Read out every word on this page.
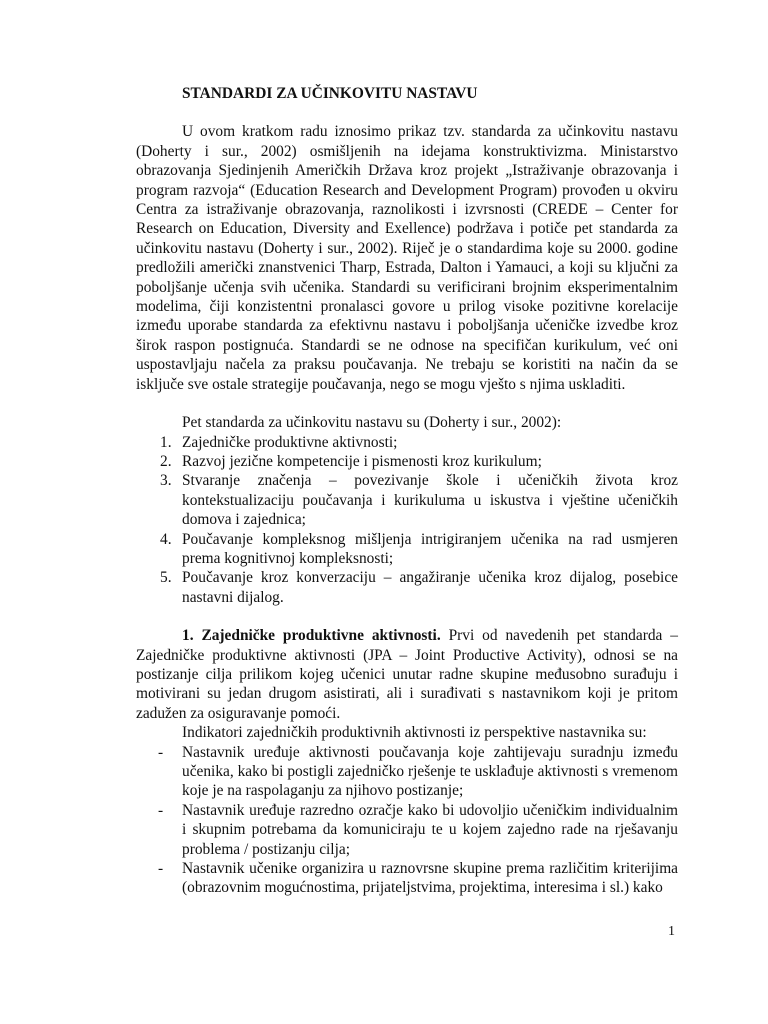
STANDARDI ZA UČINKOVITU NASTAVU

U ovom kratkom radu iznosimo prikaz tzv. standarda za učinkovitu nastavu (Doherty i sur., 2002) osmišljenih na idejama konstruktivizma. Ministarstvo obrazovanja Sjedinjenih Američkih Država kroz projekt „Istraživanje obrazovanja i program razvoja“ (Education Research and Development Program) provođen u okviru Centra za istraživanje obrazovanja, raznolikosti i izvrsnosti (CREDE – Center for Research on Education, Diversity and Exellence) podržava i potiče pet standarda za učinkovitu nastavu (Doherty i sur., 2002). Riječ je o standardima koje su 2000. godine predložili američki znanstvenici Tharp, Estrada, Dalton i Yamauci, a koji su ključni za poboljšanje učenja svih učenika. Standardi su verificirani brojnim eksperimentalnim modelima, čiji konzistentni pronalasci govore u prilog visoke pozitivne korelacije između uporabe standarda za efektivnu nastavu i poboljšanja učeničke izvedbe kroz širok raspon postignuća. Standardi se ne odnose na specifičan kurikulum, već oni uspostavljaju načela za praksu poučavanja. Ne trebaju se koristiti na način da se isključe sve ostale strategije poučavanja, nego se mogu vješto s njima uskladiti.

Pet standarda za učinkovitu nastavu su (Doherty i sur., 2002):

1. Zajedničke produktivne aktivnosti;
2. Razvoj jezične kompetencije i pismenosti kroz kurikulum;
3. Stvaranje značenja – povezivanje škole i učeničkih života kroz kontekstualizaciju poučavanja i kurikuluma u iskustva i vještine učeničkih domova i zajednica;
4. Poučavanje kompleksnog mišljenja intrigiranjem učenika na rad usmjeren prema kognitivnoj kompleksnosti;
5. Poučavanje kroz konverzaciju – angažiranje učenika kroz dijalog, posebice nastavni dijalog.

1. Zajedničke produktivne aktivnosti. Prvi od navedenih pet standarda – Zajedničke produktivne aktivnosti (JPA – Joint Productive Activity), odnosi se na postizanje cilja prilikom kojeg učenici unutar radne skupine međusobno surađuju i motivirani su jedan drugom asistirati, ali i surađivati s nastavnikom koji je pritom zadužen za osiguravanje pomoći.

Indikatori zajedničkih produktivnih aktivnosti iz perspektive nastavnika su:

- Nastavnik uređuje aktivnosti poučavanja koje zahtijevaju suradnju između učenika, kako bi postigli zajedničko rješenje te usklađuje aktivnosti s vremenom koje je na raspolaganju za njihovo postizanje;
- Nastavnik uređuje razredno ozračje kako bi udovoljio učeničkim individualnim i skupnim potrebama da komuniciraju te u kojem zajedno rade na rješavanju problema / postizanju cilja;
- Nastavnik učenike organizira u raznovrsne skupine prema različitim kriterijima (obrazovnim mogućnostima, prijateljstvima, projektima, interesima i sl.) kako
1
